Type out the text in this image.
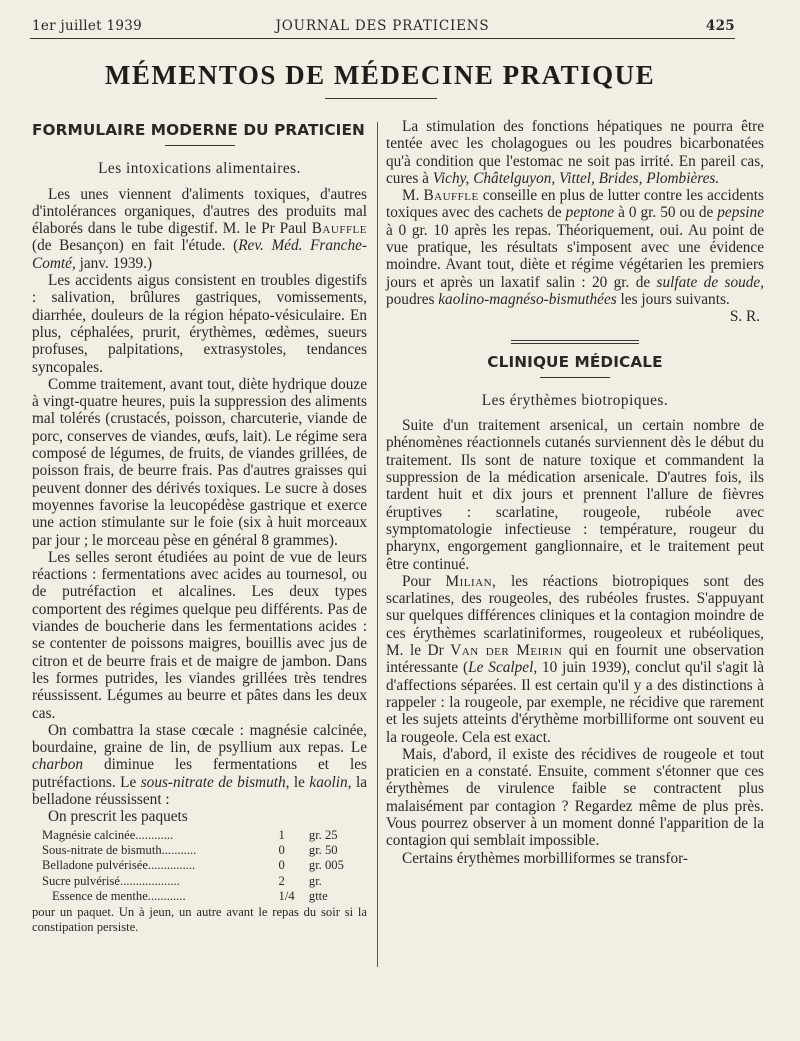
1er juillet 1939	JOURNAL DES PRATICIENS	425
MÉMENTOS DE MÉDECINE PRATIQUE
FORMULAIRE MODERNE DU PRATICIEN
Les intoxications alimentaires.

Les unes viennent d'aliments toxiques, d'autres d'intolérances organiques, d'autres des produits mal élaborés dans le tube digestif. M. le Pr Paul Bauffle (de Besançon) en fait l'étude. (Rev. Méd. Franche-Comté, janv. 1939.)

Les accidents aigus consistent en troubles digestifs : salivation, brûlures gastriques, vomissements, diarrhée, douleurs de la région hépato-vésiculaire. En plus, céphalées, prurit, érythèmes, œdèmes, sueurs profuses, palpitations, extrasystoles, tendances syncopales.

Comme traitement, avant tout, diète hydrique douze à vingt-quatre heures, puis la suppression des aliments mal tolérés (crustacés, poisson, charcuterie, viande de porc, conserves de viandes, œufs, lait). Le régime sera composé de légumes, de fruits, de viandes grillées, de poisson frais, de beurre frais. Pas d'autres graisses qui peuvent donner des dérivés toxiques. Le sucre à doses moyennes favorise la leucopédèse gastrique et exerce une action stimulante sur le foie (six à huit morceaux par jour ; le morceau pèse en général 8 grammes).

Les selles seront étudiées au point de vue de leurs réactions : fermentations avec acides au tournesol, ou de putréfaction et alcalines. Les deux types comportent des régimes quelque peu différents. Pas de viandes de boucherie dans les fermentations acides : se contenter de poissons maigres, bouillis avec jus de citron et de beurre frais et de maigre de jambon. Dans les formes putrides, les viandes grillées très tendres réussissent. Légumes au beurre et pâtes dans les deux cas.

On combattra la stase cœcale : magnésie calcinée, bourdaine, graine de lin, de psyllium aux repas. Le charbon diminue les fermentations et les putréfactions. Le sous-nitrate de bismuth, le kaolin, la belladone réussissent :

On prescrit les paquets

Magnésie calcinée............	1	gr. 25
Sous-nitrate de bismuth...........	0	gr. 50
Belladone pulvérisée...............	0	gr. 005
Sucre pulvérisé...................	2	gr.
Essence de menthe............	1/4	gtte

pour un paquet. Un à jeun, un autre avant le repas du soir si la constipation persiste.

La stimulation des fonctions hépatiques ne pourra être tentée avec les cholagogues ou les poudres bicarbonatées qu'à condition que l'estomac ne soit pas irrité. En pareil cas, cures à Vichy, Châtelguyon, Vittel, Brides, Plombières.

M. Bauffle conseille en plus de lutter contre les accidents toxiques avec des cachets de peptone à 0 gr. 50 ou de pepsine à 0 gr. 10 après les repas. Théoriquement, oui. Au point de vue pratique, les résultats s'imposent avec une évidence moindre. Avant tout, diète et régime végétarien les premiers jours et après un laxatif salin : 20 gr. de sulfate de soude, poudres kaolino-magnéso-bismuthées les jours suivants.

S. R.

CLINIQUE MÉDICALE
Les érythèmes biotropiques.

Suite d'un traitement arsenical, un certain nombre de phénomènes réactionnels cutanés surviennent dès le début du traitement. Ils sont de nature toxique et commandent la suppression de la médication arsenicale. D'autres fois, ils tardent huit et dix jours et prennent l'allure de fièvres éruptives : scarlatine, rougeole, rubéole avec symptomatologie infectieuse : température, rougeur du pharynx, engorgement ganglionnaire, et le traitement peut être continué.

Pour Milian, les réactions biotropiques sont des scarlatines, des rougeoles, des rubéoles frustes. S'appuyant sur quelques différences cliniques et la contagion moindre de ces érythèmes scarlatiniformes, rougeoleux et rubéoliques, M. le Dr Van der Meirin qui en fournit une observation intéressante (Le Scalpel, 10 juin 1939), conclut qu'il s'agit là d'affections séparées. Il est certain qu'il y a des distinctions à rappeler : la rougeole, par exemple, ne récidive que rarement et les sujets atteints d'érythème morbilliforme ont souvent eu la rougeole. Cela est exact.

Mais, d'abord, il existe des récidives de rougeole et tout praticien en a constaté. Ensuite, comment s'étonner que ces érythèmes de virulence faible se contractent plus malaisément par contagion ? Regardez même de plus près. Vous pourrez observer à un moment donné l'apparition de la contagion qui semblait impossible.

Certains érythèmes morbilliformes se transfor-
